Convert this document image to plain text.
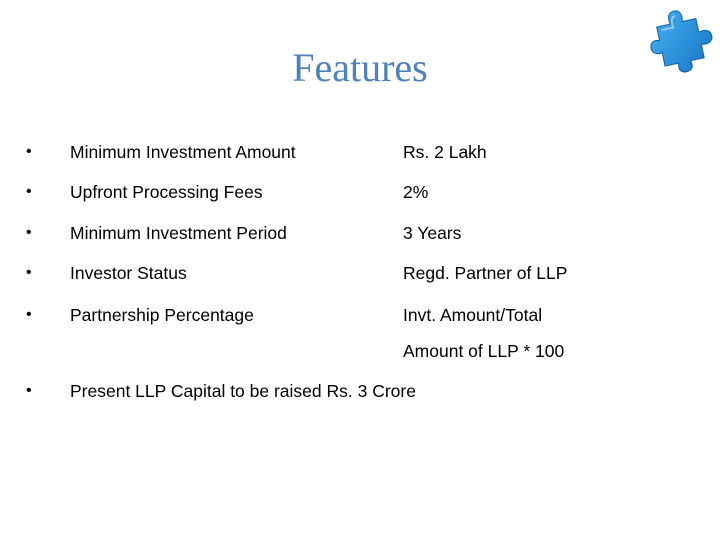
Features
• Minimum Investment Amount	Rs. 2 Lakh
• Upfront Processing Fees	2%
• Minimum Investment Period	3 Years
• Investor Status	Regd. Partner of LLP
• Partnership Percentage	Invt. Amount/Total
Amount of LLP * 100
• Present LLP Capital to be raised Rs. 3 Crore
